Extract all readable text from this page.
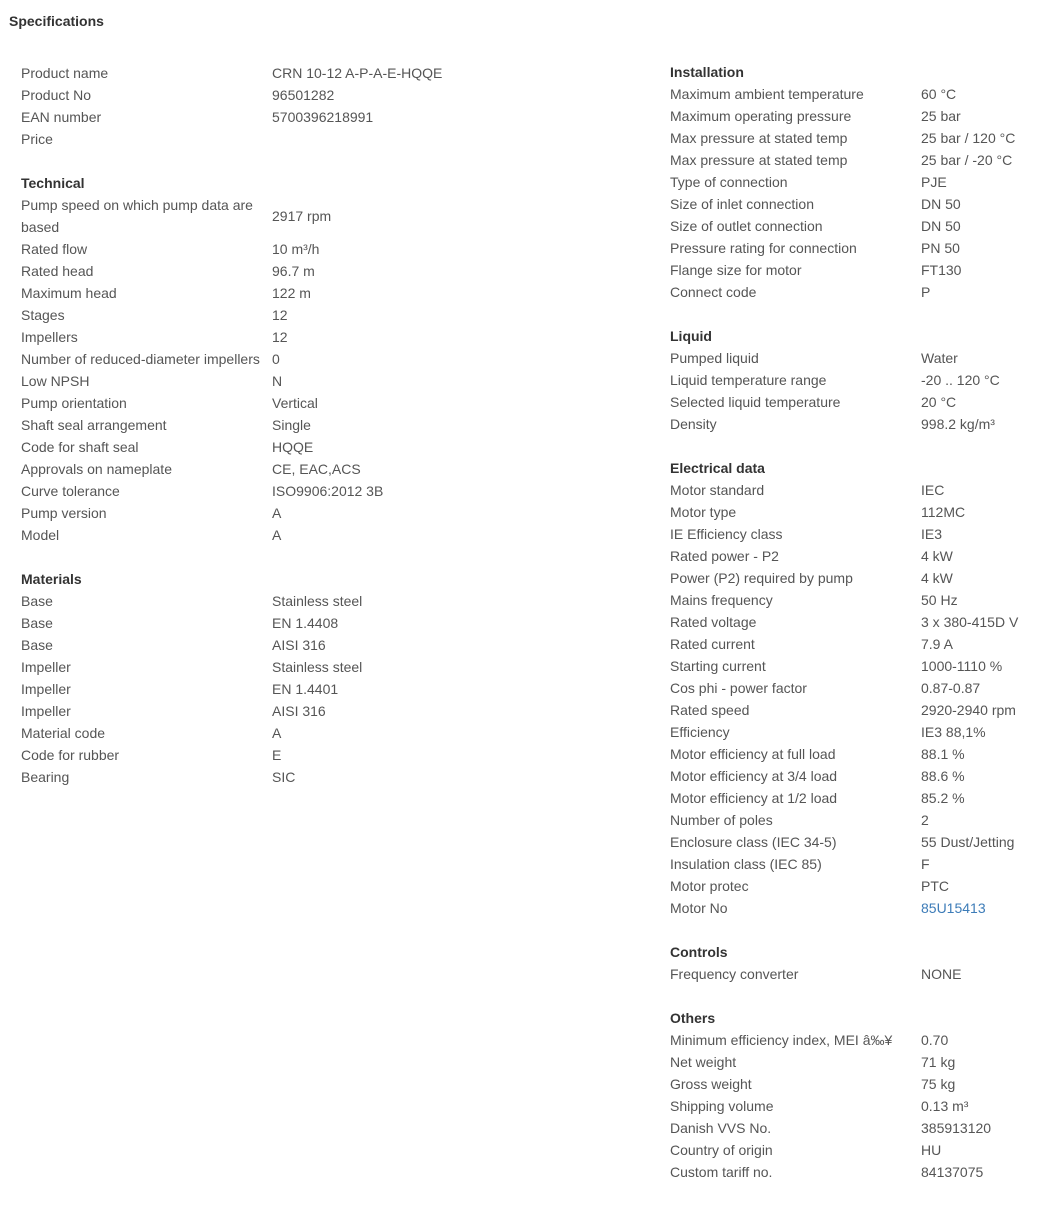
Specifications
Product name	CRN 10-12 A-P-A-E-HQQE
Product No	96501282
EAN number	5700396218991
Price	
Technical
Pump speed on which pump data are based	2917 rpm
Rated flow	10 m³/h
Rated head	96.7 m
Maximum head	122 m
Stages	12
Impellers	12
Number of reduced-diameter impellers	0
Low NPSH	N
Pump orientation	Vertical
Shaft seal arrangement	Single
Code for shaft seal	HQQE
Approvals on nameplate	CE, EAC,ACS
Curve tolerance	ISO9906:2012 3B
Pump version	A
Model	A
Materials
Base	Stainless steel
Base	EN 1.4408
Base	AISI 316
Impeller	Stainless steel
Impeller	EN 1.4401
Impeller	AISI 316
Material code	A
Code for rubber	E
Bearing	SIC
Installation
Maximum ambient temperature	60 °C
Maximum operating pressure	25 bar
Max pressure at stated temp	25 bar / 120 °C
Max pressure at stated temp	25 bar / -20 °C
Type of connection	PJE
Size of inlet connection	DN 50
Size of outlet connection	DN 50
Pressure rating for connection	PN 50
Flange size for motor	FT130
Connect code	P
Liquid
Pumped liquid	Water
Liquid temperature range	-20 .. 120 °C
Selected liquid temperature	20 °C
Density	998.2 kg/m³
Electrical data
Motor standard	IEC
Motor type	112MC
IE Efficiency class	IE3
Rated power - P2	4 kW
Power (P2) required by pump	4 kW
Mains frequency	50 Hz
Rated voltage	3 x 380-415D V
Rated current	7.9 A
Starting current	1000-1110 %
Cos phi - power factor	0.87-0.87
Rated speed	2920-2940 rpm
Efficiency	IE3 88,1%
Motor efficiency at full load	88.1 %
Motor efficiency at 3/4 load	88.6 %
Motor efficiency at 1/2 load	85.2 %
Number of poles	2
Enclosure class (IEC 34-5)	55 Dust/Jetting
Insulation class (IEC 85)	F
Motor protec	PTC
Motor No	85U15413
Controls
Frequency converter	NONE
Others
Minimum efficiency index, MEI â‰¥	0.70
Net weight	71 kg
Gross weight	75 kg
Shipping volume	0.13 m³
Danish VVS No.	385913120
Country of origin	HU
Custom tariff no.	84137075
